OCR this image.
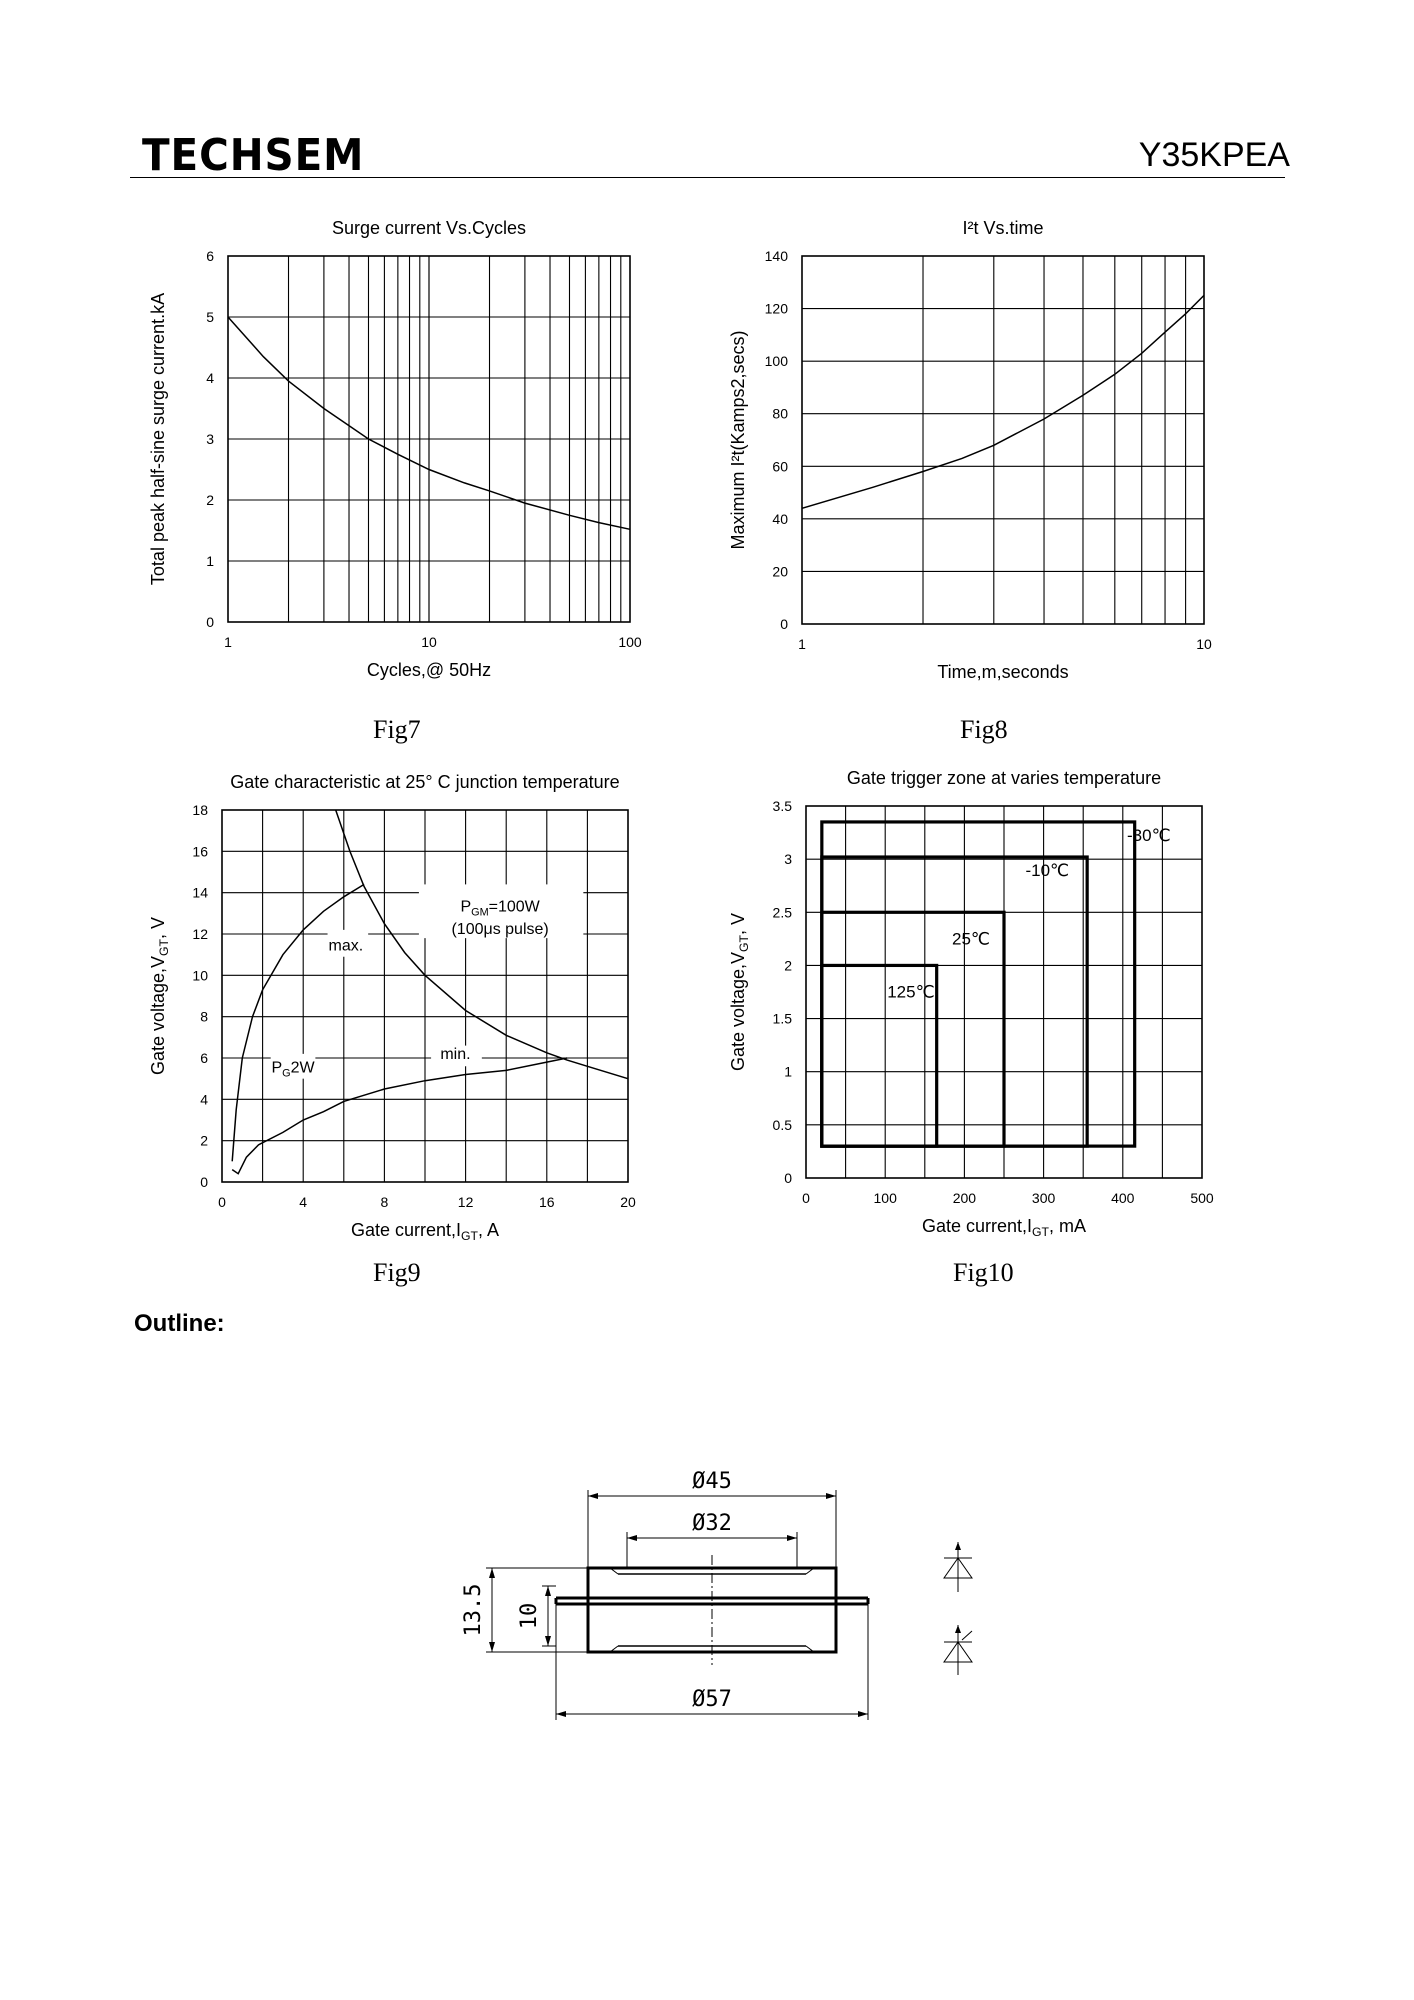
TECHSEM	Y35KPEA
0
1
2
3
4
5
6
1	10	100
Surge current Vs.Cycles
Cycles,@ 50Hz
Total peak half-sine surge current.kA
0
20
40
60
80
100
120
140
1	10
I²t Vs.time
Time,m,seconds
Maximum I²t(Kamps2,secs)
0
2
4
6
8
10
12
14
16
18
0	4	8	12	16	20
Gate characteristic at 25° C junction temperature
Gate $current,I_{GT}$, A
Gate $voltage,V_{GT}$, V
$P_{GM}=100W$
(100μs pulse)
max.
min.
$P_G2W$
0
0.5
1
1.5
2
2.5
3
3.5
0	100	200	300	400	500
Gate trigger zone at varies temperature
Gate $current,I_{GT}$, mA
Gate $voltage,V_{GT}$, V
-30℃
-10℃
25℃
125℃
Fig7	Fig8
Fig9	Fig10
Outline:
Ø45
Ø32
Ø57
13.5 10
